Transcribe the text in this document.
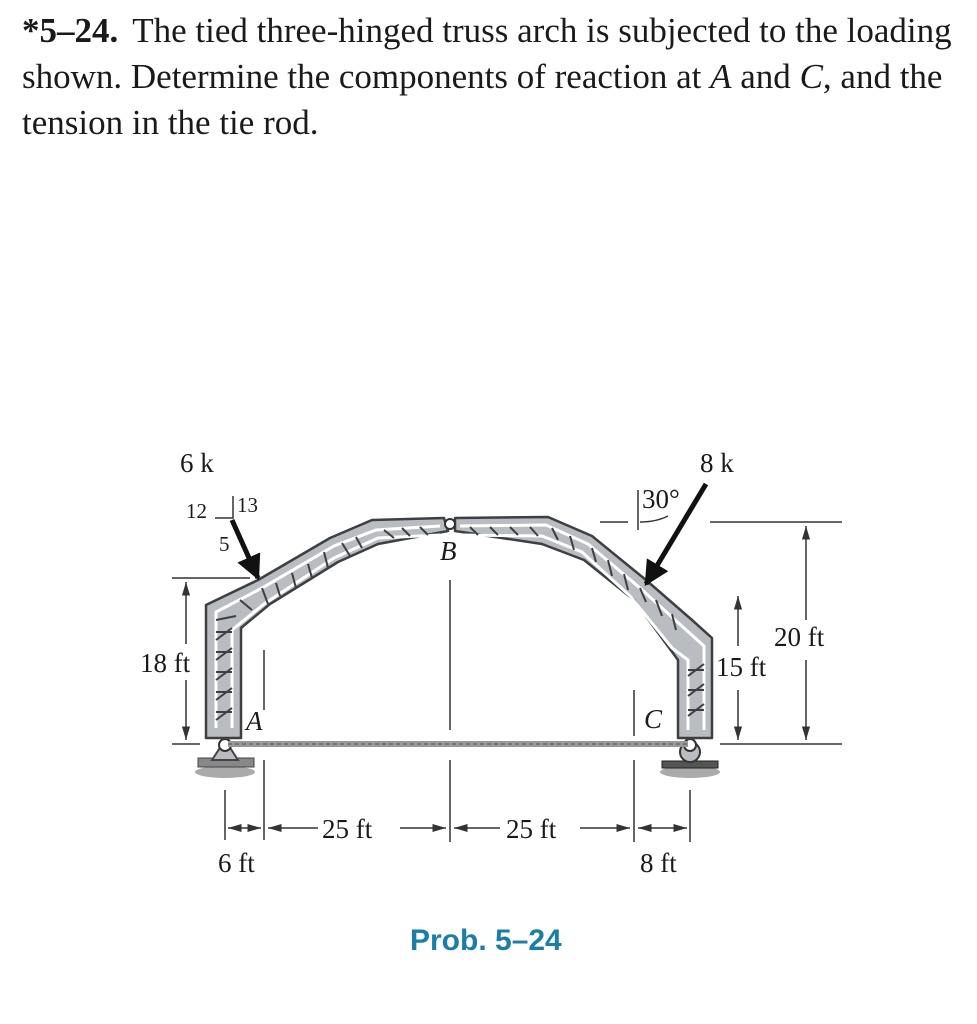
*5–24. The tied three-hinged truss arch is subjected to the loading shown. Determine the components of reaction at A and C, and the tension in the tie rod.

6 k
12 13
5
8 k
30°
B
A	C
18 ft
20 ft
15 ft
25 ft	25 ft
6 ft	8 ft
Prob. 5–24
